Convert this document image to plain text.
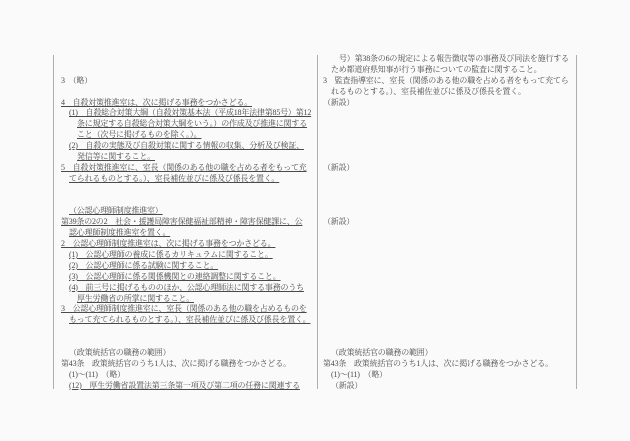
3　（略）

4　自殺対策推進室は、次に掲げる事務をつかさどる。
(1)　自殺総合対策大綱（自殺対策基本法（平成18年法律第85号）第12
条に規定する自殺総合対策大綱をいう。）の作成及び推進に関する
こと（次号に掲げるものを除く。）。
(2)　自殺の実態及び自殺対策に関する情報の収集、分析及び検証、
発信等に関すること。
5　自殺対策推進室に、室長（関係のある他の職を占める者をもって充
てられるものとする。）、室長補佐並びに係及び係長を置く。

（公認心理師制度推進室）
第39条の2の2　社会・援護局障害保健福祉部精神・障害保健課に、公
認心理師制度推進室を置く。
2　公認心理師制度推進室は、次に掲げる事務をつかさどる。
(1)　公認心理師の養成に係るカリキュラムに関すること。
(2)　公認心理師に係る試験に関すること。
(3)　公認心理師に係る関係機関との連絡調整に関すること。
(4)　前三号に掲げるもののほか、公認心理師法に関する事務のうち
厚生労働省の所掌に関すること。
3　公認心理師制度推進室に、室長（関係のある他の職を占めるものを
もって充てられるものとする。）、室長補佐並びに係及び係長を置く。

（政策統括官の職務の範囲）
第43条　政策統括官のうち1人は、次に掲げる職務をつかさどる。
(1)～(11)　（略）
(12)　厚生労働省設置法第三条第一項及び第二項の任務に関連する
号）第38条の6の規定による報告徴収等の事務及び同法を施行する
ため都道府県知事が行う事務についての監査に関すること。
3　監査指導室に、室長（関係のある他の職を占める者をもって充てら
れるものとする。）、室長補佐並びに係及び係長を置く。
（新設）

（新設）

（新設）

（政策統括官の職務の範囲）
第43条　政策統括官のうち1人は、次に掲げる職務をつかさどる。
(1)～(11)　（略）
（新設）
